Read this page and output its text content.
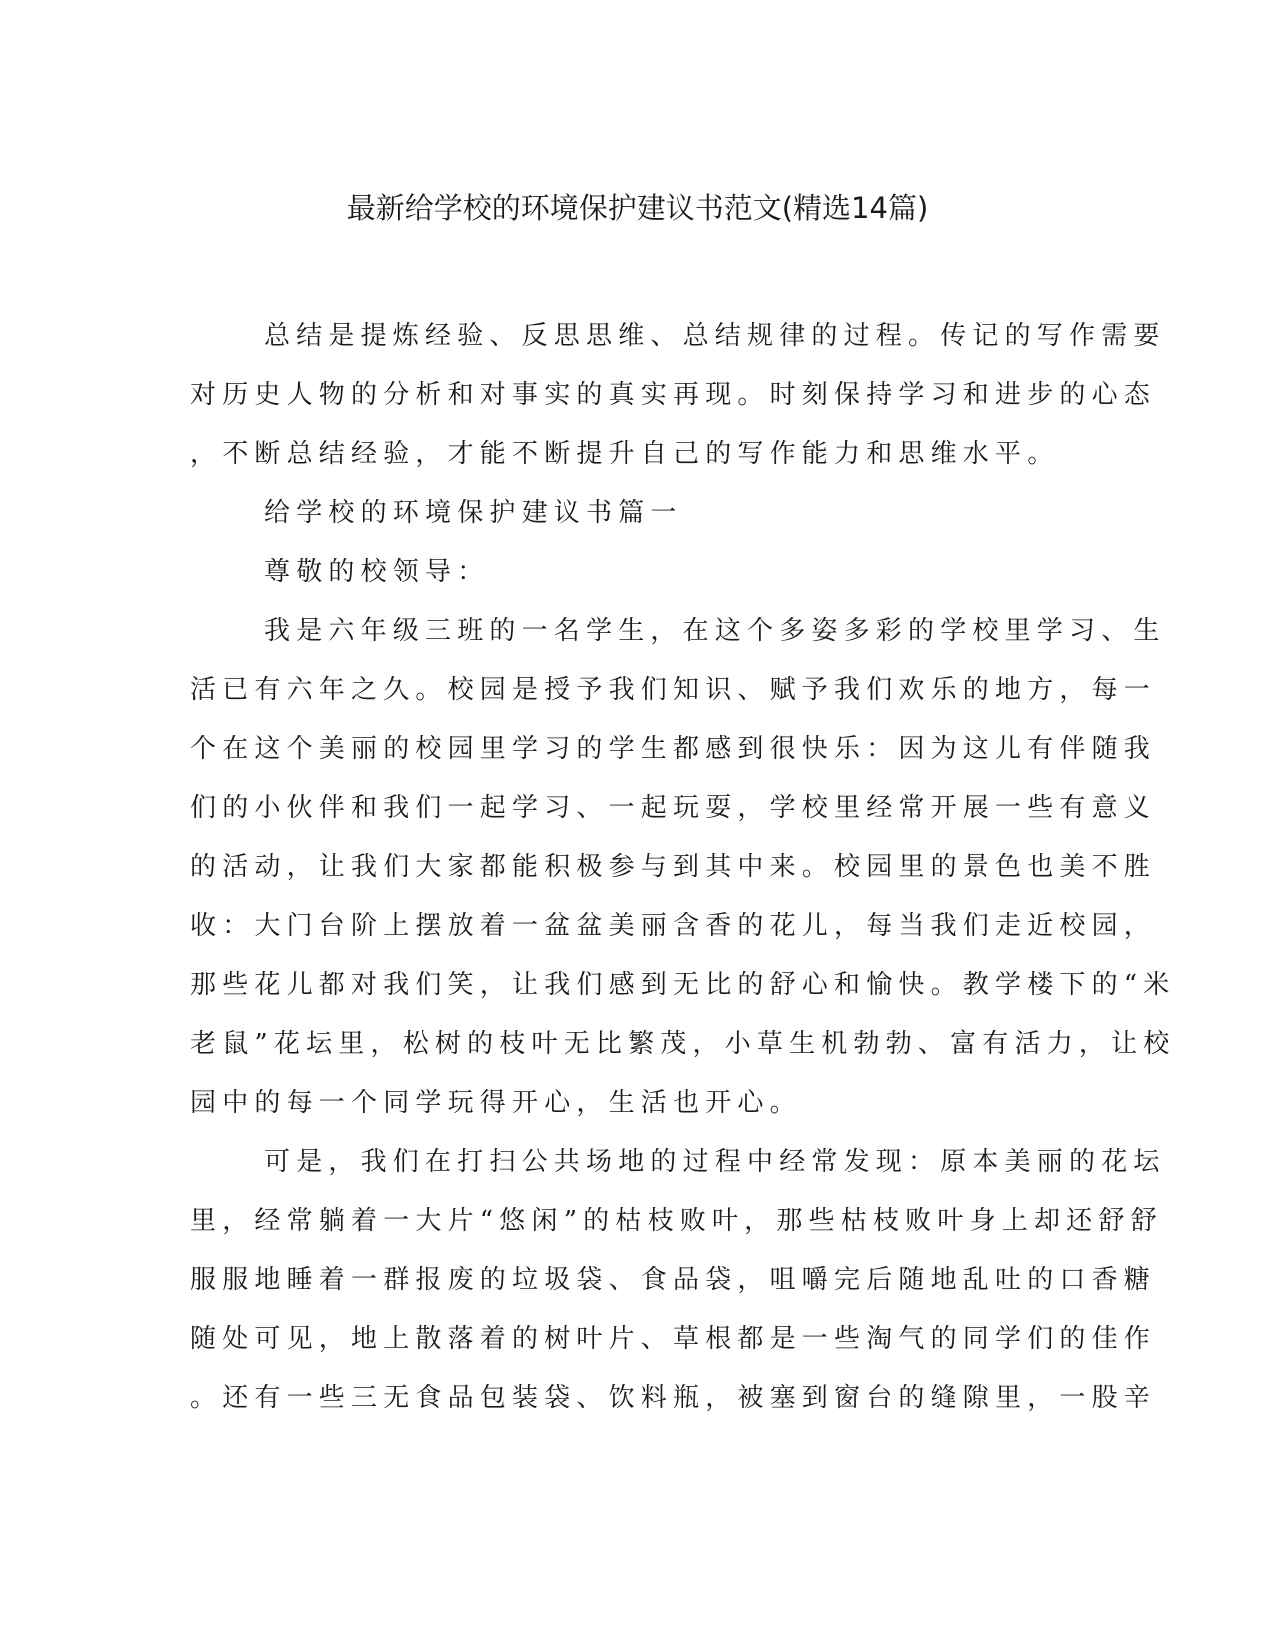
最新给学校的环境保护建议书范文(精选14篇)
总结是提炼经验、反思思维、总结规律的过程。传记的写作需要
对历史人物的分析和对事实的真实再现。时刻保持学习和进步的心态
，不断总结经验，才能不断提升自己的写作能力和思维水平。
给学校的环境保护建议书篇一
尊敬的校领导：
我是六年级三班的一名学生，在这个多姿多彩的学校里学习、生
活已有六年之久。校园是授予我们知识、赋予我们欢乐的地方，每一
个在这个美丽的校园里学习的学生都感到很快乐：因为这儿有伴随我
们的小伙伴和我们一起学习、一起玩耍，学校里经常开展一些有意义
的活动，让我们大家都能积极参与到其中来。校园里的景色也美不胜
收：大门台阶上摆放着一盆盆美丽含香的花儿，每当我们走近校园，
那些花儿都对我们笑，让我们感到无比的舒心和愉快。教学楼下的“米
老鼠”花坛里，松树的枝叶无比繁茂，小草生机勃勃、富有活力，让校
园中的每一个同学玩得开心，生活也开心。
可是，我们在打扫公共场地的过程中经常发现：原本美丽的花坛
里，经常躺着一大片“悠闲”的枯枝败叶，那些枯枝败叶身上却还舒舒
服服地睡着一群报废的垃圾袋、食品袋，咀嚼完后随地乱吐的口香糖
随处可见，地上散落着的树叶片、草根都是一些淘气的同学们的佳作
。还有一些三无食品包装袋、饮料瓶，被塞到窗台的缝隙里，一股辛
